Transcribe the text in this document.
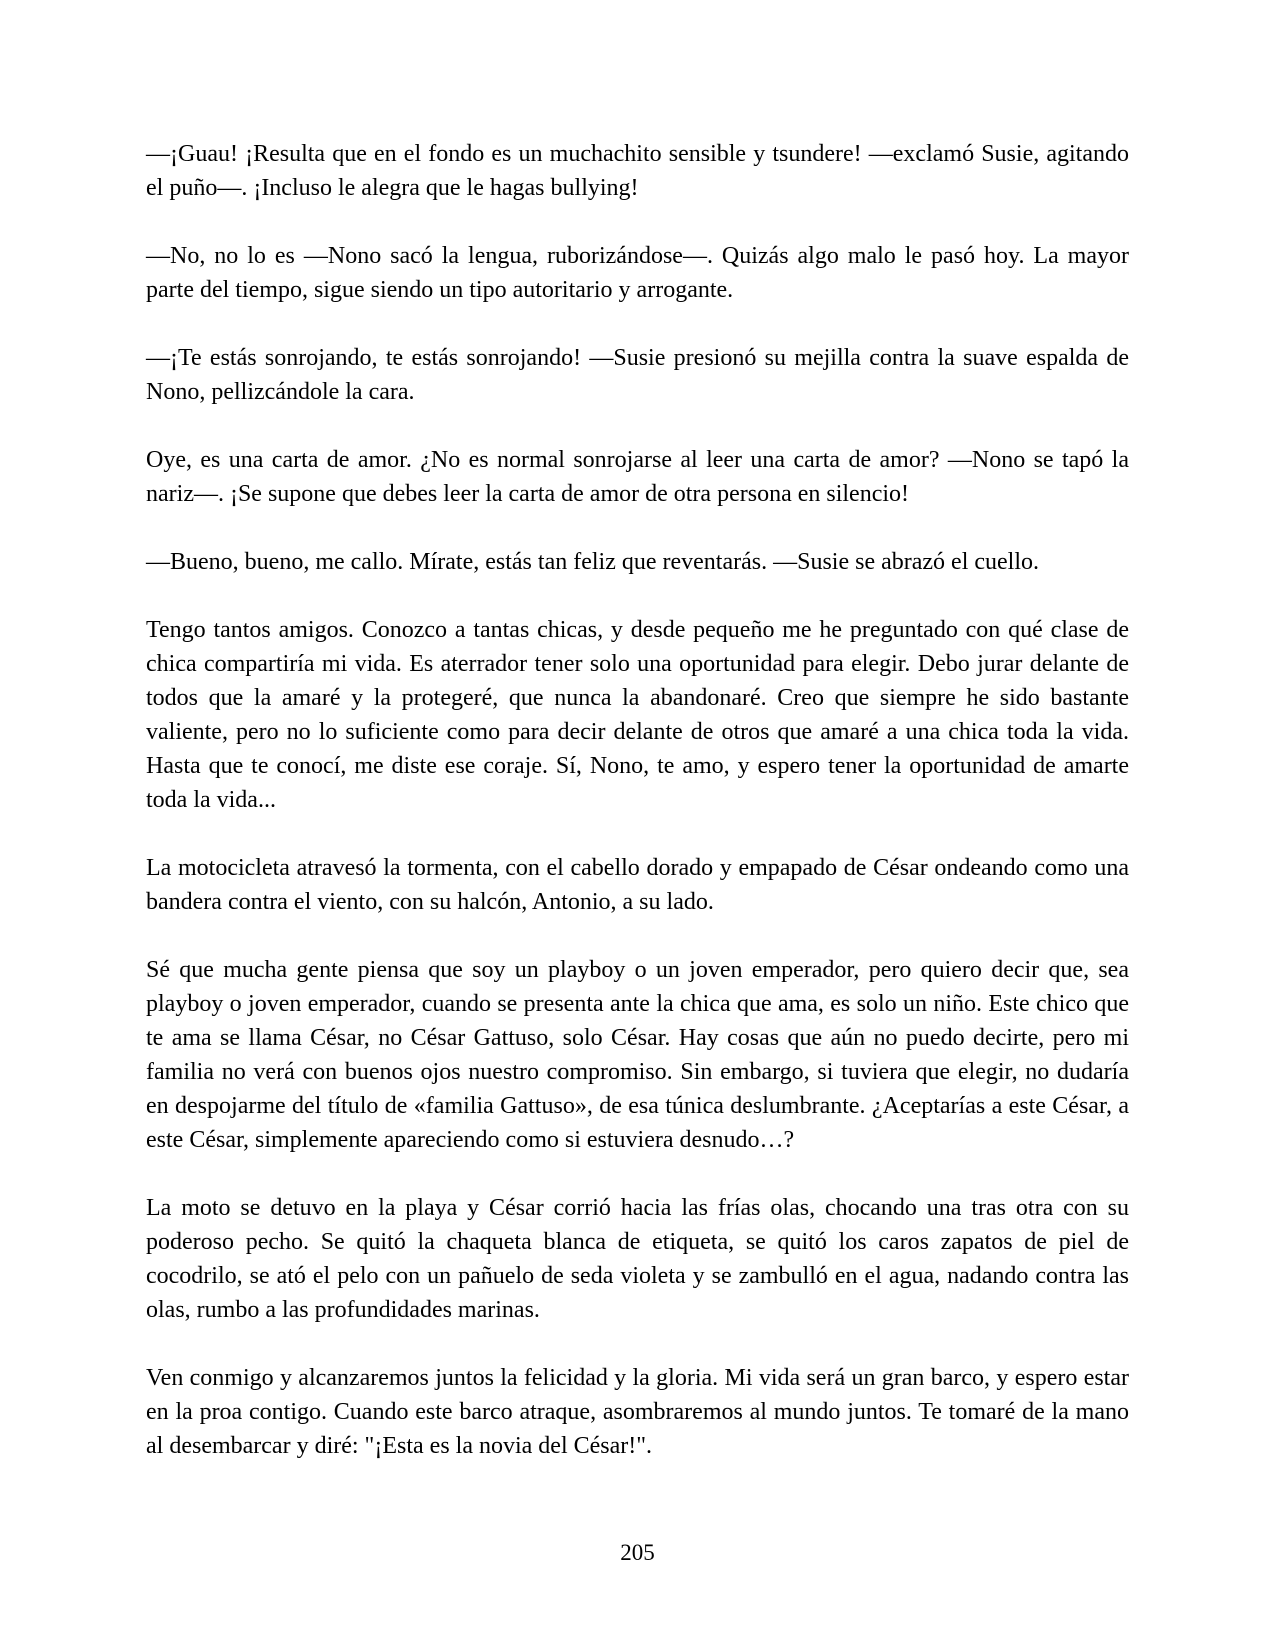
—¡Guau! ¡Resulta que en el fondo es un muchachito sensible y tsundere! —exclamó Susie, agitando el puño—. ¡Incluso le alegra que le hagas bullying!

—No, no lo es —Nono sacó la lengua, ruborizándose—. Quizás algo malo le pasó hoy. La mayor parte del tiempo, sigue siendo un tipo autoritario y arrogante.

—¡Te estás sonrojando, te estás sonrojando! —Susie presionó su mejilla contra la suave espalda de Nono, pellizcándole la cara.

Oye, es una carta de amor. ¿No es normal sonrojarse al leer una carta de amor? —Nono se tapó la nariz—. ¡Se supone que debes leer la carta de amor de otra persona en silencio!

—Bueno, bueno, me callo. Mírate, estás tan feliz que reventarás. —Susie se abrazó el cuello.

Tengo tantos amigos. Conozco a tantas chicas, y desde pequeño me he preguntado con qué clase de chica compartiría mi vida. Es aterrador tener solo una oportunidad para elegir. Debo jurar delante de todos que la amaré y la protegeré, que nunca la abandonaré. Creo que siempre he sido bastante valiente, pero no lo suficiente como para decir delante de otros que amaré a una chica toda la vida. Hasta que te conocí, me diste ese coraje. Sí, Nono, te amo, y espero tener la oportunidad de amarte toda la vida...

La motocicleta atravesó la tormenta, con el cabello dorado y empapado de César ondeando como una bandera contra el viento, con su halcón, Antonio, a su lado.

Sé que mucha gente piensa que soy un playboy o un joven emperador, pero quiero decir que, sea playboy o joven emperador, cuando se presenta ante la chica que ama, es solo un niño. Este chico que te ama se llama César, no César Gattuso, solo César. Hay cosas que aún no puedo decirte, pero mi familia no verá con buenos ojos nuestro compromiso. Sin embargo, si tuviera que elegir, no dudaría en despojarme del título de «familia Gattuso», de esa túnica deslumbrante. ¿Aceptarías a este César, a este César, simplemente apareciendo como si estuviera desnudo…?

La moto se detuvo en la playa y César corrió hacia las frías olas, chocando una tras otra con su poderoso pecho. Se quitó la chaqueta blanca de etiqueta, se quitó los caros zapatos de piel de cocodrilo, se ató el pelo con un pañuelo de seda violeta y se zambulló en el agua, nadando contra las olas, rumbo a las profundidades marinas.

Ven conmigo y alcanzaremos juntos la felicidad y la gloria. Mi vida será un gran barco, y espero estar en la proa contigo. Cuando este barco atraque, asombraremos al mundo juntos. Te tomaré de la mano al desembarcar y diré: "¡Esta es la novia del César!".

205
